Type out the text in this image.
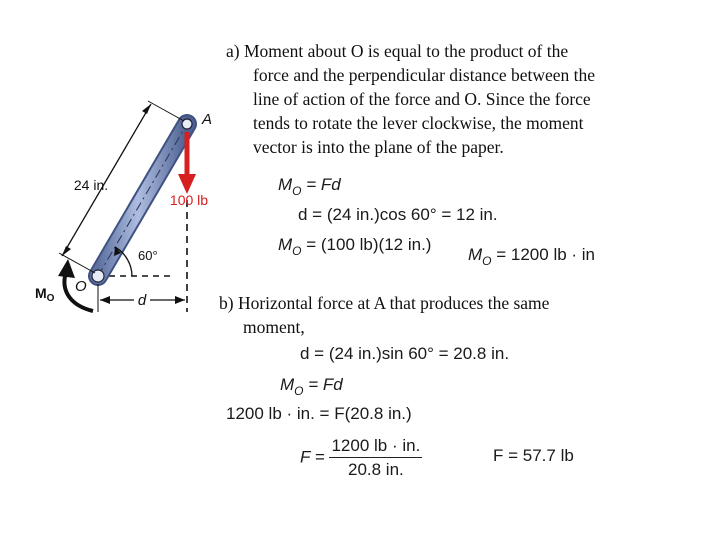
24 in.
100 lb
A
O
60°
d
$M_O$
a) Moment about O is equal to the product of the
force and the perpendicular distance between the
line of action of the force and O. Since the force
tends to rotate the lever clockwise, the moment
vector is into the plane of the paper.
$M_O = Fd$
d = (24 in.)cos 60° = 12 in.
$M_O = (100$ lb)(12 in.)
$M_O = 1200$ lb · in
b) Horizontal force at A that produces the same
moment,
d = (24 in.)sin 60° = 20.8 in.
$M_O = Fd$
1200 lb · in. = F(20.8 in.)
$F = \frac{1200 lb \cdot in.}{20.8 in.}$	F = 57.7 lb
